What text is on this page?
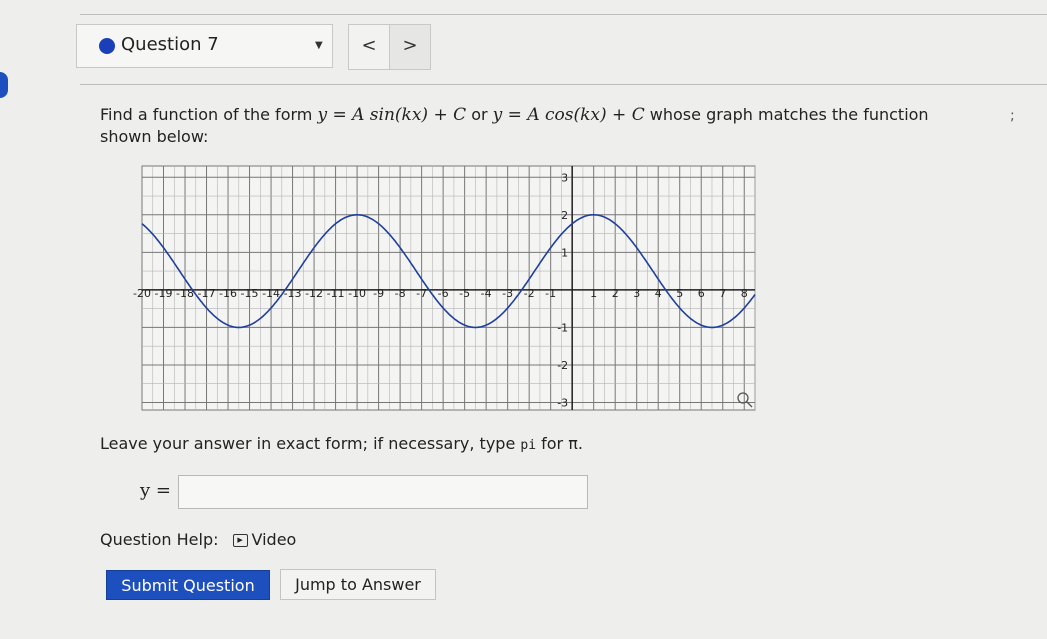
Question 7	▼	<	>
Find a function of the form y = A sin(kx) + C or y = A cos(kx) + C whose graph matches the function shown below:
;
-20 -19 -18 -17 -16 -15 -14 -13 -12 -11 -10 -9 -8 -7 -6 -5 -4 -3 -2 -1	1 2 3 4 5 6 7 8
-3
-2
-1
1
2
3
Leave your answer in exact form; if necessary, type pi for π.
y =
Question Help:	▶ Video
Submit Question	Jump to Answer
